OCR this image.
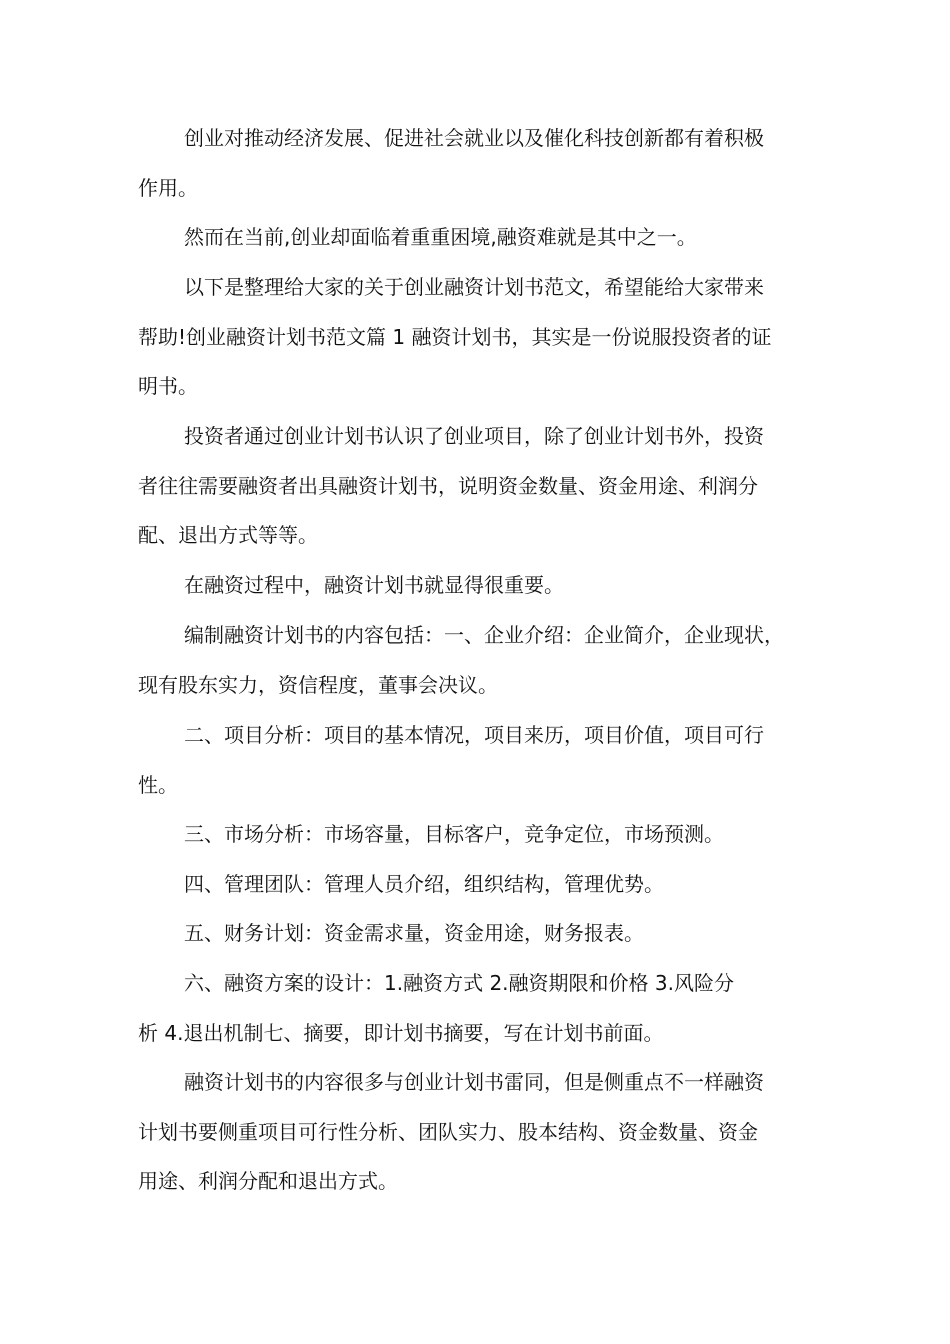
创业对推动经济发展、促进社会就业以及催化科技创新都有着积极
作用。
然而在当前,创业却面临着重重困境,融资难就是其中之一。
以下是整理给大家的关于创业融资计划书范文，希望能给大家带来
帮助!创业融资计划书范文篇 1 融资计划书，其实是一份说服投资者的证
明书。
投资者通过创业计划书认识了创业项目，除了创业计划书外，投资
者往往需要融资者出具融资计划书，说明资金数量、资金用途、利润分
配、退出方式等等。
在融资过程中，融资计划书就显得很重要。
编制融资计划书的内容包括：一、企业介绍：企业简介，企业现状，
现有股东实力，资信程度，董事会决议。
二、项目分析：项目的基本情况，项目来历，项目价值，项目可行
性。
三、市场分析：市场容量，目标客户，竞争定位，市场预测。
四、管理团队：管理人员介绍，组织结构，管理优势。
五、财务计划：资金需求量，资金用途，财务报表。
六、融资方案的设计：1.融资方式 2.融资期限和价格 3.风险分
析 4.退出机制七、摘要，即计划书摘要，写在计划书前面。
融资计划书的内容很多与创业计划书雷同，但是侧重点不一样融资
计划书要侧重项目可行性分析、团队实力、股本结构、资金数量、资金
用途、利润分配和退出方式。
